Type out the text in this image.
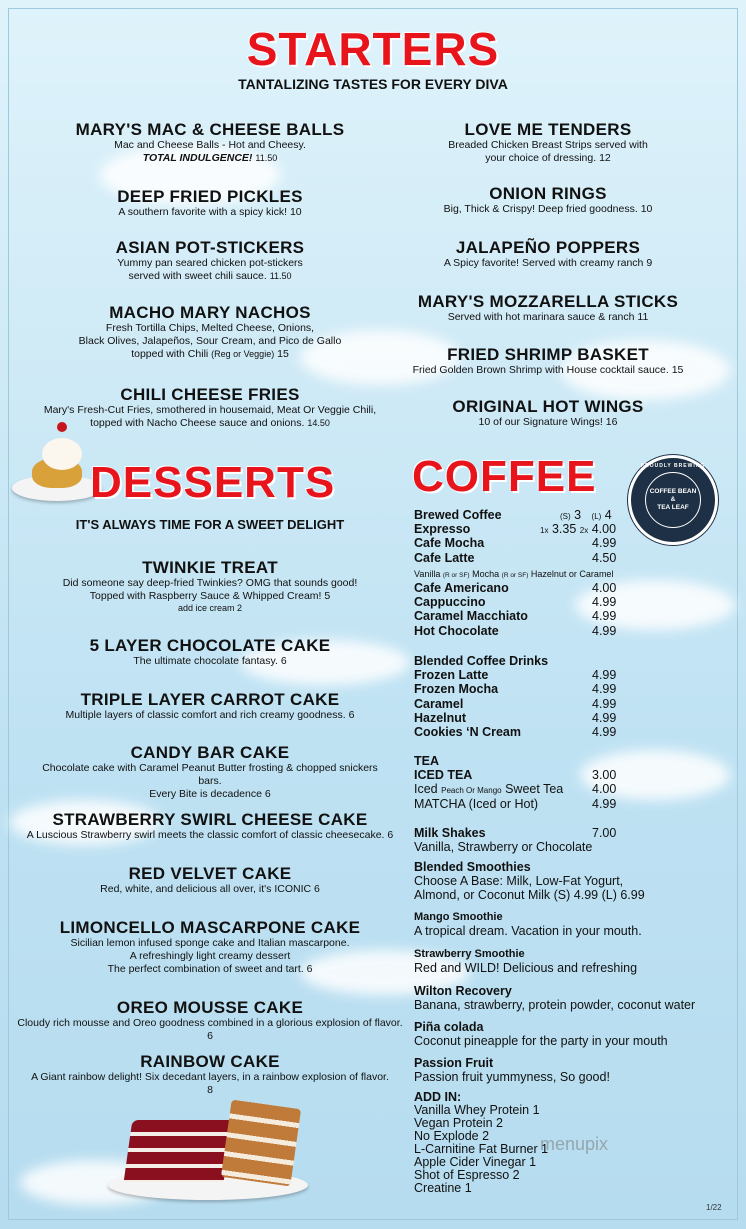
STARTERS
TANTALIZING TASTES FOR EVERY DIVA
MARY'S MAC & CHEESE BALLS
Mac and Cheese Balls - Hot and Cheesy.
TOTAL INDULGENCE! 11.50
DEEP FRIED PICKLES
A southern favorite with a spicy kick! 10
ASIAN POT-STICKERS
Yummy pan seared chicken pot-stickers
served with sweet chili sauce. 11.50
MACHO MARY NACHOS
Fresh Tortilla Chips, Melted Cheese, Onions,
Black Olives, Jalapeños, Sour Cream, and Pico de Gallo
topped with Chili (Reg or Veggie) 15
CHILI CHEESE FRIES
Mary's Fresh-Cut Fries, smothered in housemaid, Meat Or Veggie Chili,
topped with Nacho Cheese sauce and onions. 14.50
LOVE ME TENDERS
Breaded Chicken Breast Strips served with
your choice of dressing. 12
ONION RINGS
Big, Thick & Crispy! Deep fried goodness. 10
JALAPEÑO POPPERS
A Spicy favorite! Served with creamy ranch 9
MARY'S MOZZARELLA STICKS
Served with hot marinara sauce & ranch 11
FRIED SHRIMP BASKET
Fried Golden Brown Shrimp with House cocktail sauce. 15
ORIGINAL HOT WINGS
10 of our Signature Wings! 16
DESSERTS
IT'S ALWAYS TIME FOR A SWEET DELIGHT
TWINKIE TREAT
Did someone say deep-fried Twinkies? OMG that sounds good!
Topped with Raspberry Sauce & Whipped Cream! 5
add ice cream 2
5 LAYER CHOCOLATE CAKE
The ultimate chocolate fantasy. 6
TRIPLE LAYER CARROT CAKE
Multiple layers of classic comfort and rich creamy goodness. 6
CANDY BAR CAKE
Chocolate cake with Caramel Peanut Butter frosting & chopped snickers bars.
Every Bite is decadence 6
STRAWBERRY SWIRL CHEESE CAKE
A Luscious Strawberry swirl meets the classic comfort of classic cheesecake. 6
RED VELVET CAKE
Red, white, and delicious all over, it's ICONIC 6
LIMONCELLO MASCARPONE CAKE
Sicilian lemon infused sponge cake and Italian mascarpone.
A refreshingly light creamy dessert
The perfect combination of sweet and tart. 6
OREO MOUSSE CAKE
Cloudy rich mousse and Oreo goodness combined in a glorious explosion of flavor. 6
RAINBOW CAKE
A Giant rainbow delight! Six decedant layers, in a rainbow explosion of flavor. 8
COFFEE	PROUDLY BREWING
COFFEE BEAN
&
TEA LEAF
Brewed Coffee	(S) 3 (L) 4
Expresso	1x 3.35 2x 4.00
Cafe Mocha	4.99
Cafe Latte	4.50
Vanilla (R or SF) Mocha (R or SF) Hazelnut or Caramel
Cafe Americano	4.00
Cappuccino	4.99
Caramel Macchiato	4.99
Hot Chocolate	4.99
Blended Coffee Drinks
Frozen Latte	4.99
Frozen Mocha	4.99
Caramel	4.99
Hazelnut	4.99
Cookies ‘N Cream	4.99
TEA
ICED TEA	3.00
Iced Peach Or Mango Sweet Tea 4.00
MATCHA (Iced or Hot)	4.99
Milk Shakes	7.00
Vanilla, Strawberry or Chocolate
Blended Smoothies
Choose A Base: Milk, Low-Fat Yogurt,
Almond, or Coconut Milk (S) 4.99 (L) 6.99
Mango Smoothie
A tropical dream. Vacation in your mouth.
Strawberry Smoothie
Red and WILD! Delicious and refreshing
Wilton Recovery
Banana, strawberry, protein powder, coconut water
Piña colada
Coconut pineapple for the party in your mouth
Passion Fruit
Passion fruit yummyness, So good!
ADD IN:
Vanilla Whey Protein 1
Vegan Protein 2
No Explode 2
L-Carnitine Fat Burner 1
Apple Cider Vinegar 1
Shot of Espresso 2
Creatine 1
menupix
1/22
